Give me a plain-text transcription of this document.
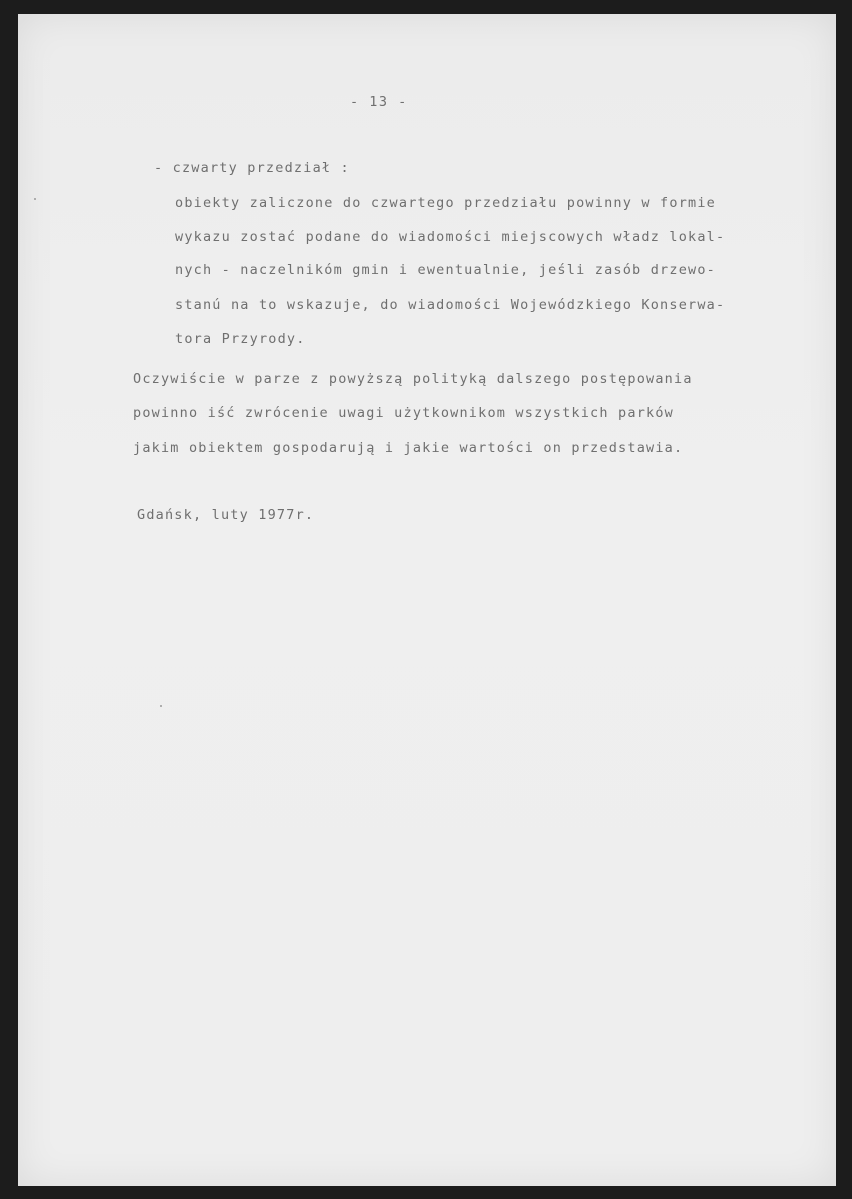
- 13 -
- czwarty przedział :
obiekty zaliczone do czwartego przedziału powinny w formie
wykazu zostać podane do wiadomości miejscowych władz lokal-
nych - naczelnikóm gmin i ewentualnie, jeśli zasób drzewo-
stanú na to wskazuje, do wiadomości Wojewódzkiego Konserwa-
tora Przyrody.
Oczywiście w parze z powyższą polityką dalszego postępowania
powinno iść zwrócenie uwagi użytkownikom wszystkich parków
jakim obiektem gospodarują i jakie wartości on przedstawia.
Gdańsk, luty 1977r.
